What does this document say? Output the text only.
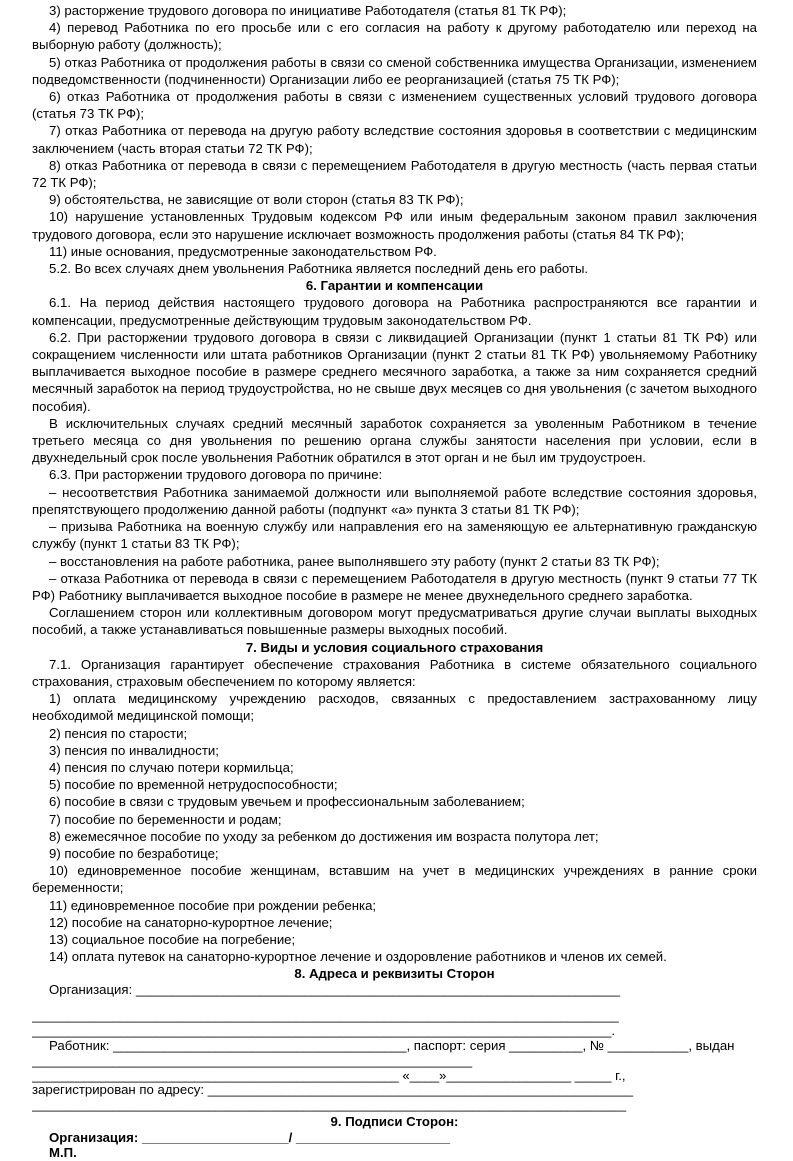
3) расторжение трудового договора по инициативе Работодателя (статья 81 ТК РФ);

4) перевод Работника по его просьбе или с его согласия на работу к другому работодателю или переход на выборную работу (должность);

5) отказ Работника от продолжения работы в связи со сменой собственника имущества Организации, изменением подведомственности (подчиненности) Организации либо ее реорганизацией (статья 75 ТК РФ);

6) отказ Работника от продолжения работы в связи с изменением существенных условий трудового договора (статья 73 ТК РФ);

7) отказ Работника от перевода на другую работу вследствие состояния здоровья в соответствии с медицинским заключением (часть вторая статьи 72 ТК РФ);

8) отказ Работника от перевода в связи с перемещением Работодателя в другую местность (часть первая статьи 72 ТК РФ);

9) обстоятельства, не зависящие от воли сторон (статья 83 ТК РФ);

10) нарушение установленных Трудовым кодексом РФ или иным федеральным законом правил заключения трудового договора, если это нарушение исключает возможность продолжения работы (статья 84 ТК РФ);

11) иные основания, предусмотренные законодательством РФ.

5.2. Во всех случаях днем увольнения Работника является последний день его работы.

6. Гарантии и компенсации

6.1. На период действия настоящего трудового договора на Работника распространяются все гарантии и компенсации, предусмотренные действующим трудовым законодательством РФ.

6.2. При расторжении трудового договора в связи с ликвидацией Организации (пункт 1 статьи 81 ТК РФ) или сокращением численности или штата работников Организации (пункт 2 статьи 81 ТК РФ) увольняемому Работнику выплачивается выходное пособие в размере среднего месячного заработка, а также за ним сохраняется средний месячный заработок на период трудоустройства, но не свыше двух месяцев со дня увольнения (с зачетом выходного пособия).

В исключительных случаях средний месячный заработок сохраняется за уволенным Работником в течение третьего месяца со дня увольнения по решению органа службы занятости населения при условии, если в двухнедельный срок после увольнения Работник обратился в этот орган и не был им трудоустроен.

6.3. При расторжении трудового договора по причине:

– несоответствия Работника занимаемой должности или выполняемой работе вследствие состояния здоровья, препятствующего продолжению данной работы (подпункт «а» пункта 3 статьи 81 ТК РФ);

– призыва Работника на военную службу или направления его на заменяющую ее альтернативную гражданскую службу (пункт 1 статьи 83 ТК РФ);

– восстановления на работе работника, ранее выполнявшего эту работу (пункт 2 статьи 83 ТК РФ);

– отказа Работника от перевода в связи с перемещением Работодателя в другую местность (пункт 9 статьи 77 ТК РФ) Работнику выплачивается выходное пособие в размере не менее двухнедельного среднего заработка.

Соглашением сторон или коллективным договором могут предусматриваться другие случаи выплаты выходных пособий, а также устанавливаться повышенные размеры выходных пособий.

7. Виды и условия социального страхования

7.1. Организация гарантирует обеспечение страхования Работника в системе обязательного социального страхования, страховым обеспечением по которому является:

1) оплата медицинскому учреждению расходов, связанных с предоставлением застрахованному лицу необходимой медицинской помощи;

2) пенсия по старости;

3) пенсия по инвалидности;

4) пенсия по случаю потери кормильца;

5) пособие по временной нетрудоспособности;

6) пособие в связи с трудовым увечьем и профессиональным заболеванием;

7) пособие по беременности и родам;

8) ежемесячное пособие по уходу за ребенком до достижения им возраста полутора лет;

9) пособие по безработице;

10) единовременное пособие женщинам, вставшим на учет в медицинских учреждениях в ранние сроки беременности;

11) единовременное пособие при рождении ребенка;

12) пособие на санаторно-курортное лечение;

13) социальное пособие на погребение;

14) оплата путевок на санаторно-курортное лечение и оздоровление работников и членов их семей.

8. Адреса и реквизиты Сторон

Организация: __________________________________________________________________

________________________________________________________________________________

_______________________________________________________________________________.

Работник: ________________________________________, паспорт: серия __________, № ___________, выдан

____________________________________________________________

__________________________________________________ «____»_________________ _____ г.,

зарегистрирован по адресу: __________________________________________________________

_________________________________________________________________________________

9. Подписи Сторон:

Организация: ____________________/ _____________________

М.П.
